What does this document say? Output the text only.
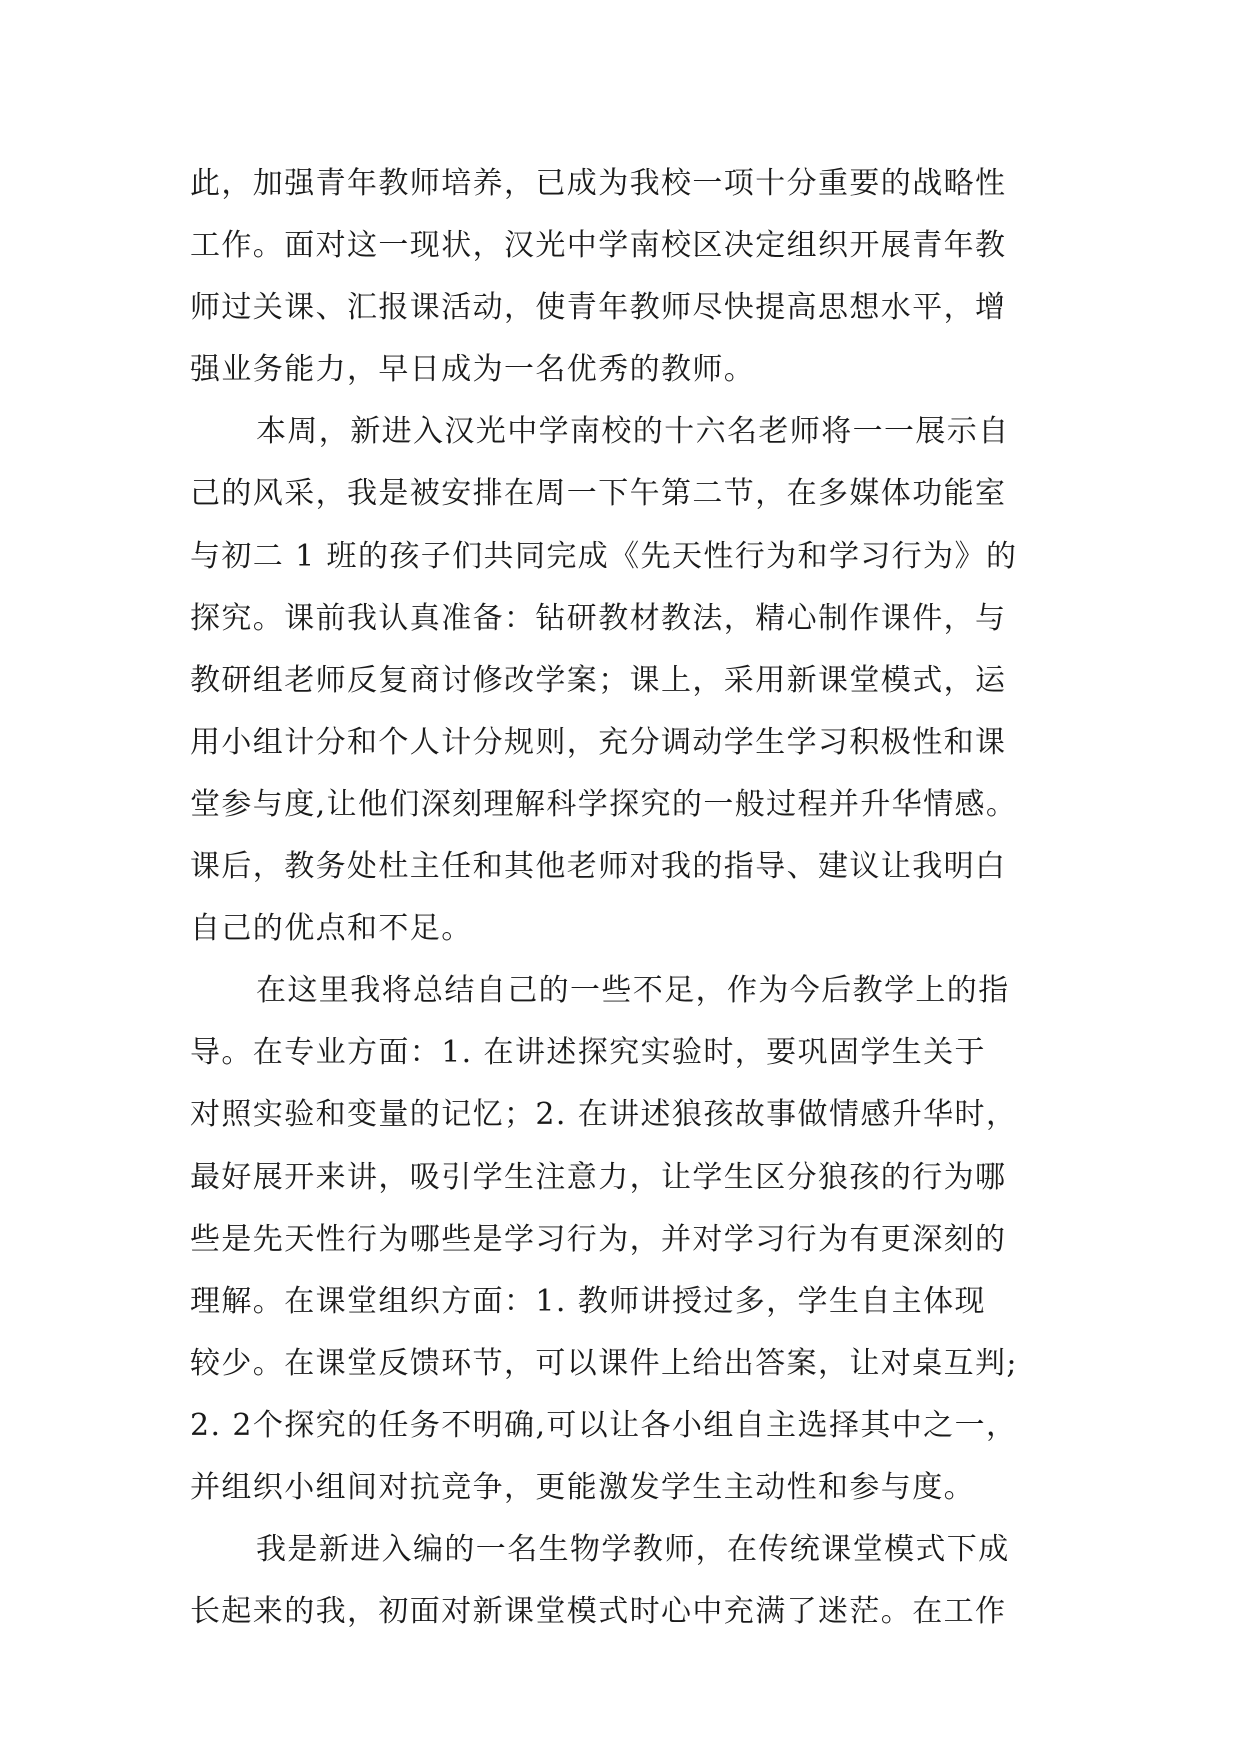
此，加强青年教师培养，已成为我校一项十分重要的战略性
工作。面对这一现状，汉光中学南校区决定组织开展青年教
师过关课、汇报课活动，使青年教师尽快提高思想水平，增
强业务能力，早日成为一名优秀的教师。
本周，新进入汉光中学南校的十六名老师将一一展示自
己的风采，我是被安排在周一下午第二节，在多媒体功能室
与初二 1 班的孩子们共同完成《先天性行为和学习行为》的
探究。课前我认真准备：钻研教材教法，精心制作课件，与
教研组老师反复商讨修改学案；课上，采用新课堂模式，运
用小组计分和个人计分规则，充分调动学生学习积极性和课
堂参与度,让他们深刻理解科学探究的一般过程并升华情感。
课后，教务处杜主任和其他老师对我的指导、建议让我明白
自己的优点和不足。
在这里我将总结自己的一些不足，作为今后教学上的指
导。在专业方面：1. 在讲述探究实验时，要巩固学生关于
对照实验和变量的记忆；2. 在讲述狼孩故事做情感升华时，
最好展开来讲，吸引学生注意力，让学生区分狼孩的行为哪
些是先天性行为哪些是学习行为，并对学习行为有更深刻的
理解。在课堂组织方面：1. 教师讲授过多，学生自主体现
较少。在课堂反馈环节，可以课件上给出答案，让对桌互判;
2. 2个探究的任务不明确,可以让各小组自主选择其中之一，
并组织小组间对抗竞争，更能激发学生主动性和参与度。
我是新进入编的一名生物学教师，在传统课堂模式下成
长起来的我，初面对新课堂模式时心中充满了迷茫。在工作
